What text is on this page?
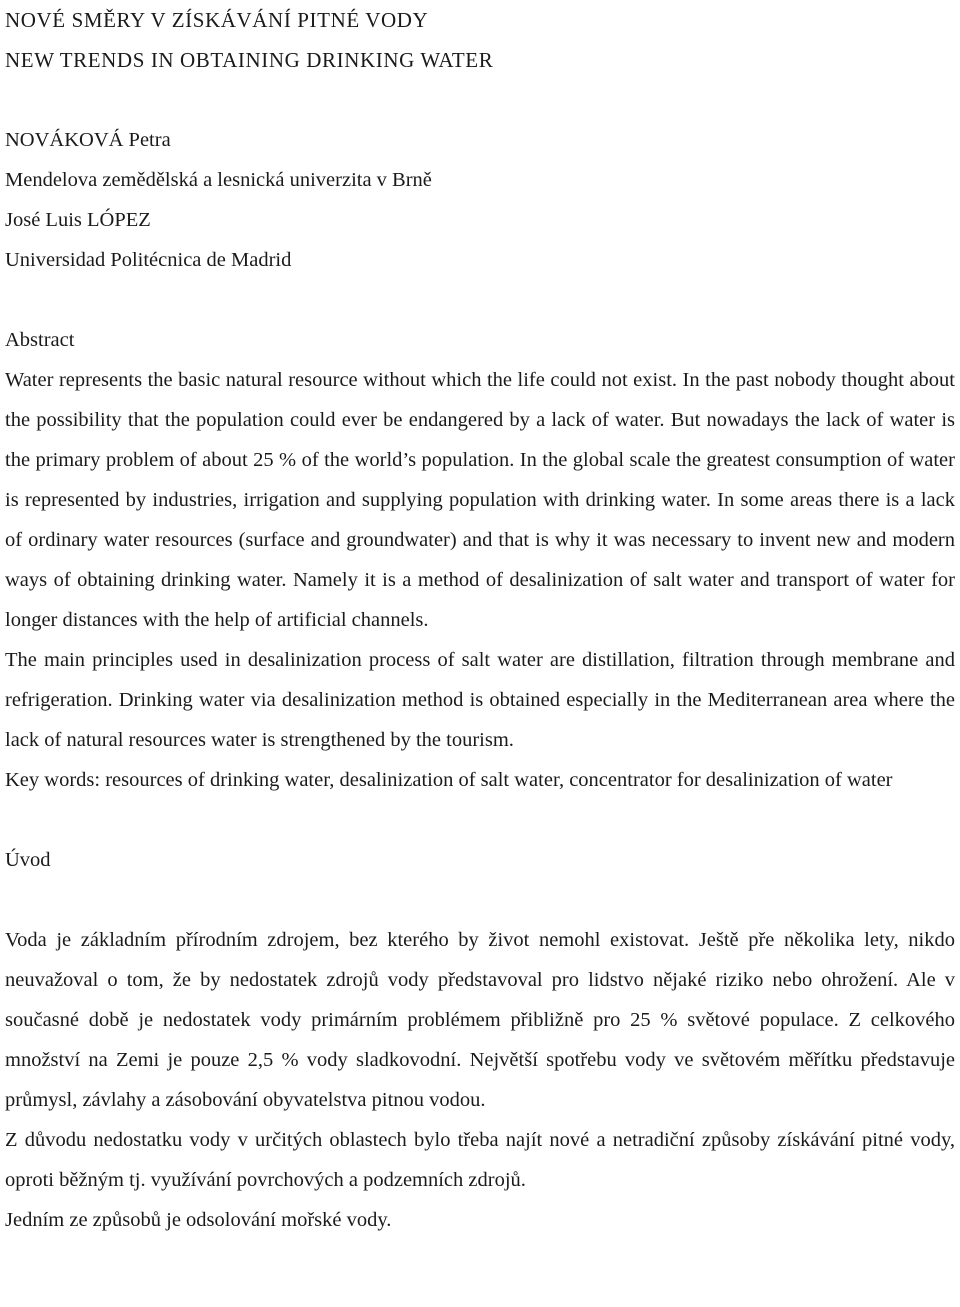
NOVÉ SMĚRY V ZÍSKÁVÁNÍ PITNÉ VODY
NEW TRENDS IN OBTAINING DRINKING WATER
NOVÁKOVÁ Petra
Mendelova zemědělská a lesnická univerzita v Brně
José Luis LÓPEZ
Universidad Politécnica de Madrid
Abstract

Water represents the basic natural resource without which the life could not exist. In the past nobody thought about the possibility that the population could ever be endangered by a lack of water. But nowadays the lack of water is the primary problem of about 25 % of the world’s population. In the global scale the greatest consumption of water is represented by industries, irrigation and supplying population with drinking water. In some areas there is a lack of ordinary water resources (surface and groundwater) and that is why it was necessary to invent new and modern ways of obtaining drinking water. Namely it is a method of desalinization of salt water and transport of water for longer distances with the help of artificial channels.

The main principles used in desalinization process of salt water are distillation, filtration through membrane and refrigeration. Drinking water via desalinization method is obtained especially in the Mediterranean area where the lack of natural resources water is strengthened by the tourism.

Key words: resources of drinking water, desalinization of salt water, concentrator for desalinization of water

Úvod

Voda je základním přírodním zdrojem, bez kterého by život nemohl existovat. Ještě pře několika lety, nikdo neuvažoval o tom, že by nedostatek zdrojů vody představoval pro lidstvo nějaké riziko nebo ohrožení. Ale v současné době je nedostatek vody primárním problémem přibližně pro 25 % světové populace. Z celkového množství na Zemi je pouze 2,5 % vody sladkovodní. Největší spotřebu vody ve světovém měřítku představuje průmysl, závlahy a zásobování obyvatelstva pitnou vodou.

Z důvodu nedostatku vody v určitých oblastech bylo třeba najít nové a netradiční způsoby získávání pitné vody, oproti běžným tj. využívání povrchových a podzemních zdrojů.

Jedním ze způsobů je odsolování mořské vody.
